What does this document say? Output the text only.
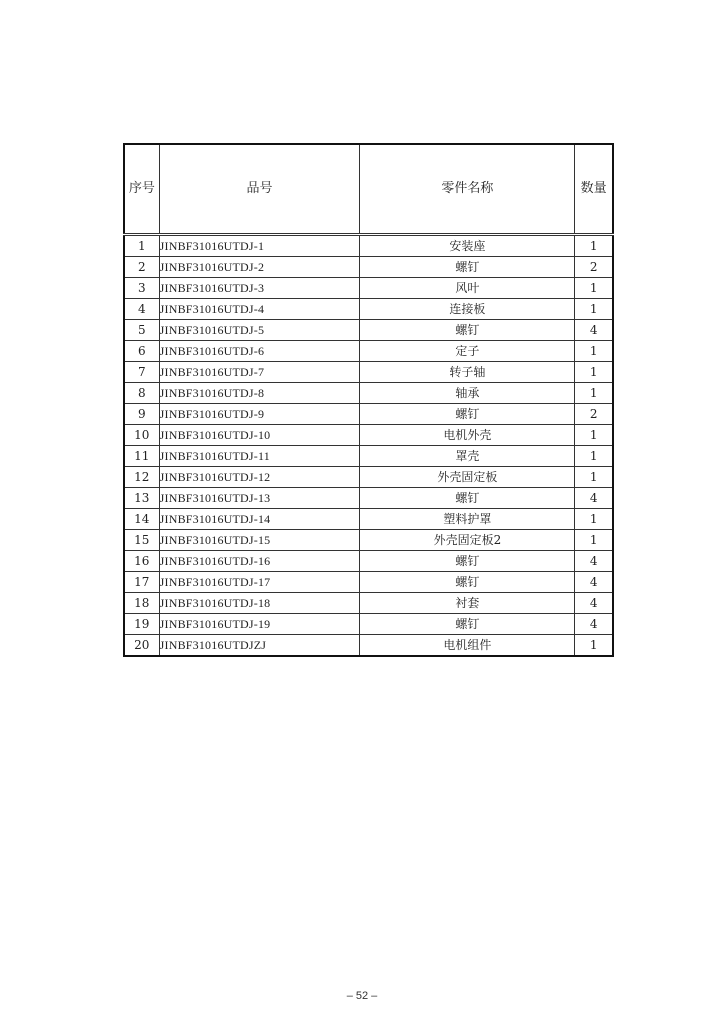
序号	品号	零件名称	数量
1	JINBF31016UTDJ-1	安装座	1
2	JINBF31016UTDJ-2	螺钉	2
3	JINBF31016UTDJ-3	风叶	1
4	JINBF31016UTDJ-4	连接板	1
5	JINBF31016UTDJ-5	螺钉	4
6	JINBF31016UTDJ-6	定子	1
7	JINBF31016UTDJ-7	转子轴	1
8	JINBF31016UTDJ-8	轴承	1
9	JINBF31016UTDJ-9	螺钉	2
10	JINBF31016UTDJ-10	电机外壳	1
11	JINBF31016UTDJ-11	罩壳	1
12	JINBF31016UTDJ-12	外壳固定板	1
13	JINBF31016UTDJ-13	螺钉	4
14	JINBF31016UTDJ-14	塑料护罩	1
15	JINBF31016UTDJ-15	外壳固定板2	1
16	JINBF31016UTDJ-16	螺钉	4
17	JINBF31016UTDJ-17	螺钉	4
18	JINBF31016UTDJ-18	衬套	4
19	JINBF31016UTDJ-19	螺钉	4
20	JINBF31016UTDJZJ	电机组件	1
– 52 –
